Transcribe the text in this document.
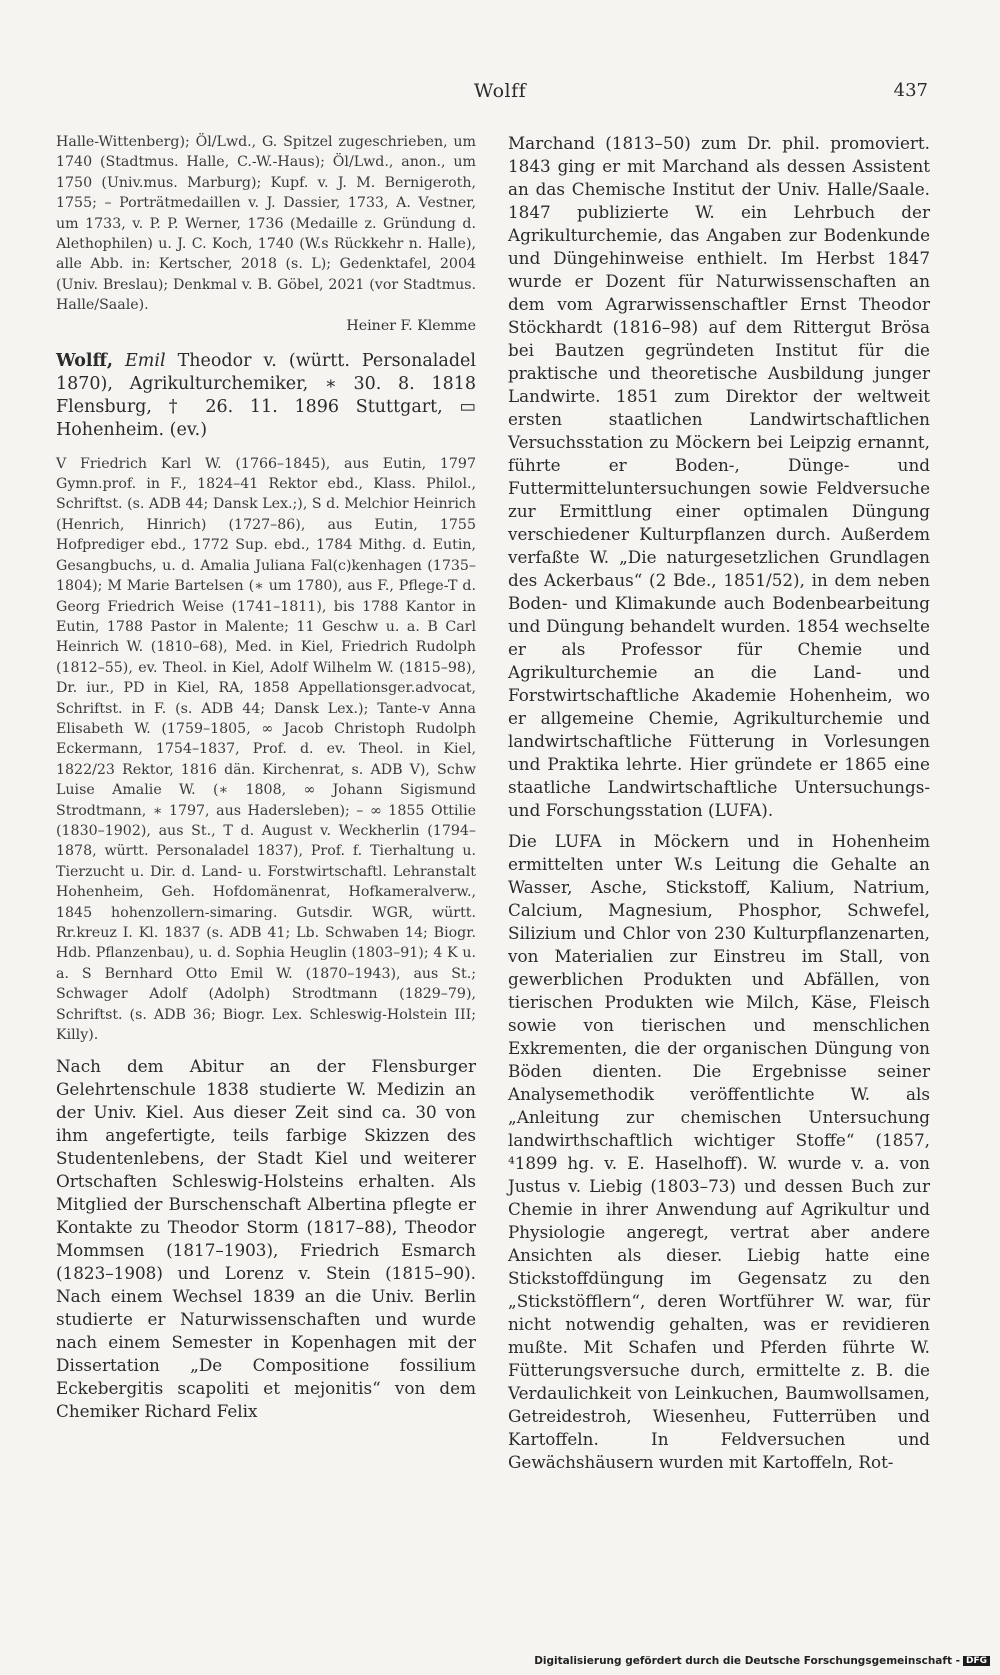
Wolff	437

Halle-Wittenberg); Öl/Lwd., G. Spitzel zugeschrieben, um 1740 (Stadtmus. Halle, C.-W.-Haus); Öl/Lwd., anon., um 1750 (Univ.mus. Marburg); Kupf. v. J. M. Bernigeroth, 1755; – Porträtmedaillen v. J. Dassier, 1733, A. Vestner, um 1733, v. P. P. Werner, 1736 (Medaille z. Gründung d. Alethophilen) u. J. C. Koch, 1740 (W.s Rückkehr n. Halle), alle Abb. in: Kertscher, 2018 (s. L); Gedenktafel, 2004 (Univ. Breslau); Denkmal v. B. Göbel, 2021 (vor Stadtmus. Halle/Saale).

Heiner F. Klemme
Wolff, Emil Theodor v. (württ. Personaladel 1870), Agrikulturchemiker, ∗ 30. 8. 1818 Flensburg, † 26. 11. 1896 Stuttgart, ▭ Hohenheim. (ev.)

V Friedrich Karl W. (1766–1845), aus Eutin, 1797 Gymn.prof. in F., 1824–41 Rektor ebd., Klass. Philol., Schriftst. (s. ADB 44; Dansk Lex.;), S d. Melchior Heinrich (Henrich, Hinrich) (1727–86), aus Eutin, 1755 Hofprediger ebd., 1772 Sup. ebd., 1784 Mithg. d. Eutin, Gesangbuchs, u. d. Amalia Juliana Fal(c)kenhagen (1735–1804); M Marie Bartelsen (∗ um 1780), aus F., Pflege-T d. Georg Friedrich Weise (1741–1811), bis 1788 Kantor in Eutin, 1788 Pastor in Malente; 11 Geschw u. a. B Carl Heinrich W. (1810–68), Med. in Kiel, Friedrich Rudolph (1812–55), ev. Theol. in Kiel, Adolf Wilhelm W. (1815–98), Dr. iur., PD in Kiel, RA, 1858 Appellationsger.advocat, Schriftst. in F. (s. ADB 44; Dansk Lex.); Tante-v Anna Elisabeth W. (1759–1805, ∞ Jacob Christoph Rudolph Eckermann, 1754–1837, Prof. d. ev. Theol. in Kiel, 1822/23 Rektor, 1816 dän. Kirchenrat, s. ADB V), Schw Luise Amalie W. (∗ 1808, ∞ Johann Sigismund Strodtmann, ∗ 1797, aus Hadersleben); – ∞ 1855 Ottilie (1830–1902), aus St., T d. August v. Weckherlin (1794–1878, württ. Personaladel 1837), Prof. f. Tierhaltung u. Tierzucht u. Dir. d. Land- u. Forstwirtschaftl. Lehranstalt Hohenheim, Geh. Hofdomänenrat, Hofkameralverw., 1845 hohenzollern-simaring. Gutsdir. WGR, württ. Rr.kreuz I. Kl. 1837 (s. ADB 41; Lb. Schwaben 14; Biogr. Hdb. Pflanzenbau), u. d. Sophia Heuglin (1803–91); 4 K u. a. S Bernhard Otto Emil W. (1870–1943), aus St.; Schwager Adolf (Adolph) Strodtmann (1829–79), Schriftst. (s. ADB 36; Biogr. Lex. Schleswig-Holstein III; Killy).

Nach dem Abitur an der Flensburger Gelehrtenschule 1838 studierte W. Medizin an der Univ. Kiel. Aus dieser Zeit sind ca. 30 von ihm angefertigte, teils farbige Skizzen des Studentenlebens, der Stadt Kiel und weiterer Ortschaften Schleswig-Holsteins erhalten. Als Mitglied der Burschenschaft Albertina pflegte er Kontakte zu Theodor Storm (1817–88), Theodor Mommsen (1817–1903), Friedrich Esmarch (1823–1908) und Lorenz v. Stein (1815–90). Nach einem Wechsel 1839 an die Univ. Berlin studierte er Naturwissenschaften und wurde nach einem Semester in Kopenhagen mit der Dissertation „De Compositione fossilium Eckebergitis scapoliti et mejonitis“ von dem Chemiker Richard Felix

Marchand (1813–50) zum Dr. phil. promoviert. 1843 ging er mit Marchand als dessen Assistent an das Chemische Institut der Univ. Halle/Saale. 1847 publizierte W. ein Lehrbuch der Agrikulturchemie, das Angaben zur Bodenkunde und Düngehinweise enthielt. Im Herbst 1847 wurde er Dozent für Naturwissenschaften an dem vom Agrarwissenschaftler Ernst Theodor Stöckhardt (1816–98) auf dem Rittergut Brösa bei Bautzen gegründeten Institut für die praktische und theoretische Ausbildung junger Landwirte. 1851 zum Direktor der weltweit ersten staatlichen Landwirtschaftlichen Versuchsstation zu Möckern bei Leipzig ernannt, führte er Boden-, Dünge- und Futtermitteluntersuchungen sowie Feldversuche zur Ermittlung einer optimalen Düngung verschiedener Kulturpflanzen durch. Außerdem verfaßte W. „Die naturgesetzlichen Grundlagen des Ackerbaus“ (2 Bde., 1851/52), in dem neben Boden- und Klimakunde auch Bodenbearbeitung und Düngung behandelt wurden. 1854 wechselte er als Professor für Chemie und Agrikulturchemie an die Land- und Forstwirtschaftliche Akademie Hohenheim, wo er allgemeine Chemie, Agrikulturchemie und landwirtschaftliche Fütterung in Vorlesungen und Praktika lehrte. Hier gründete er 1865 eine staatliche Landwirtschaftliche Untersuchungs- und Forschungsstation (LUFA).

Die LUFA in Möckern und in Hohenheim ermittelten unter W.s Leitung die Gehalte an Wasser, Asche, Stickstoff, Kalium, Natrium, Calcium, Magnesium, Phosphor, Schwefel, Silizium und Chlor von 230 Kulturpflanzenarten, von Materialien zur Einstreu im Stall, von gewerblichen Produkten und Abfällen, von tierischen Produkten wie Milch, Käse, Fleisch sowie von tierischen und menschlichen Exkrementen, die der organischen Düngung von Böden dienten. Die Ergebnisse seiner Analysemethodik veröffentlichte W. als „Anleitung zur chemischen Untersuchung landwirthschaftlich wichtiger Stoffe“ (1857, ⁴1899 hg. v. E. Haselhoff). W. wurde v. a. von Justus v. Liebig (1803–73) und dessen Buch zur Chemie in ihrer Anwendung auf Agrikultur und Physiologie angeregt, vertrat aber andere Ansichten als dieser. Liebig hatte eine Stickstoffdüngung im Gegensatz zu den „Stickstöfflern“, deren Wortführer W. war, für nicht notwendig gehalten, was er revidieren mußte. Mit Schafen und Pferden führte W. Fütterungsversuche durch, ermittelte z. B. die Verdaulichkeit von Leinkuchen, Baumwollsamen, Getreidestroh, Wiesenheu, Futterrüben und Kartoffeln. In Feldversuchen und Gewächshäusern wurden mit Kartoffeln, Rot-

Digitalisierung gefördert durch die Deutsche Forschungsgemeinschaft - DFG
